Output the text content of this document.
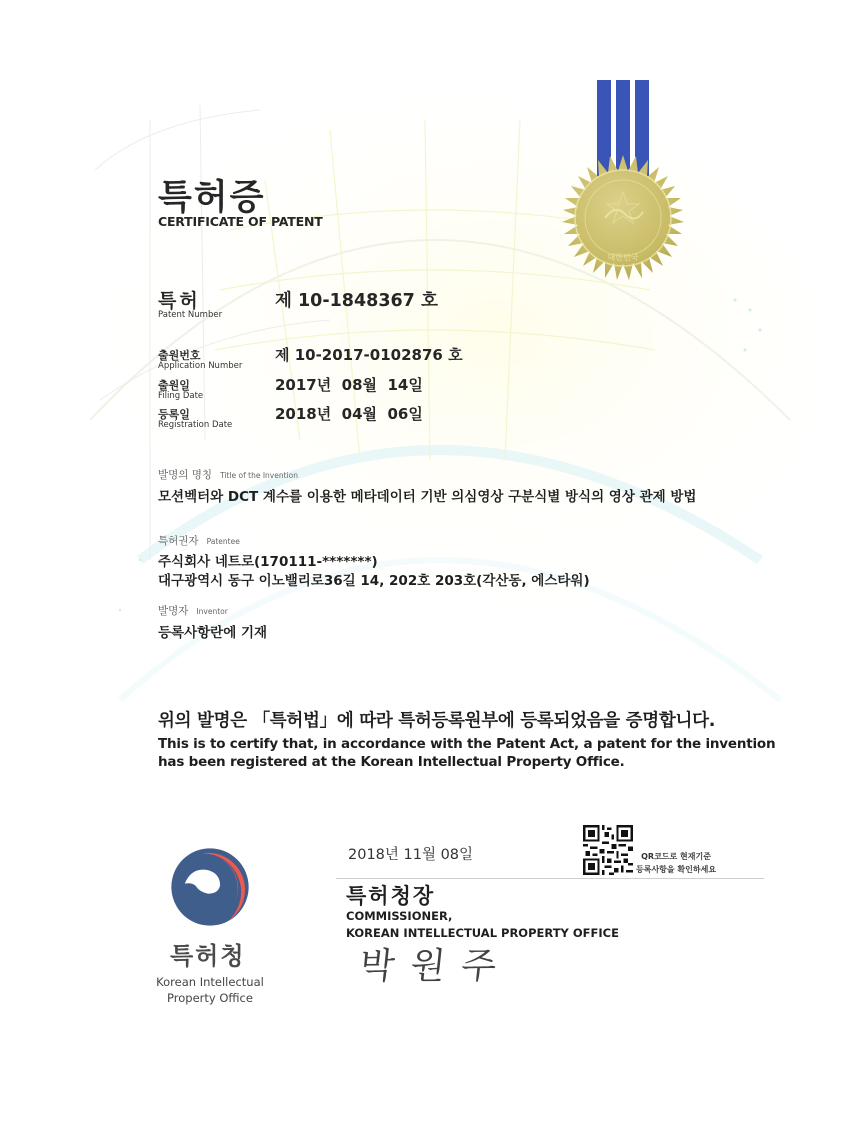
특허증
CERTIFICATE OF PATENT
특허
Patent Number
제 10-1848367 호
출원번호
Application Number
제 10-2017-0102876 호
출원일
Filing Date
2017년  08월  14일
등록일
Registration Date
2018년  04월  06일
발명의 명칭 Title of the Invention
모션벡터와 DCT 계수를 이용한 메타데이터 기반 의심영상 구분식별 방식의 영상 관제 방법
특허권자 Patentee
주식회사 네트로(170111-*******)
대구광역시 동구 이노밸리로36길 14, 202호 203호(각산동, 에스타워)
발명자 Inventor
등록사항란에 기재
위의 발명은 「특허법」에 따라 특허등록원부에 등록되었음을 증명합니다.
This is to certify that, in accordance with the Patent Act, a patent for the invention
has been registered at the Korean Intellectual Property Office.
대한민국
2018년 11월 08일	QR코드로 현재기준
등록사항을 확인하세요
특허청장
COMMISSIONER,
KOREAN INTELLECTUAL PROPERTY OFFICE
박원주
특허청
Korean Intellectual
Property Office
